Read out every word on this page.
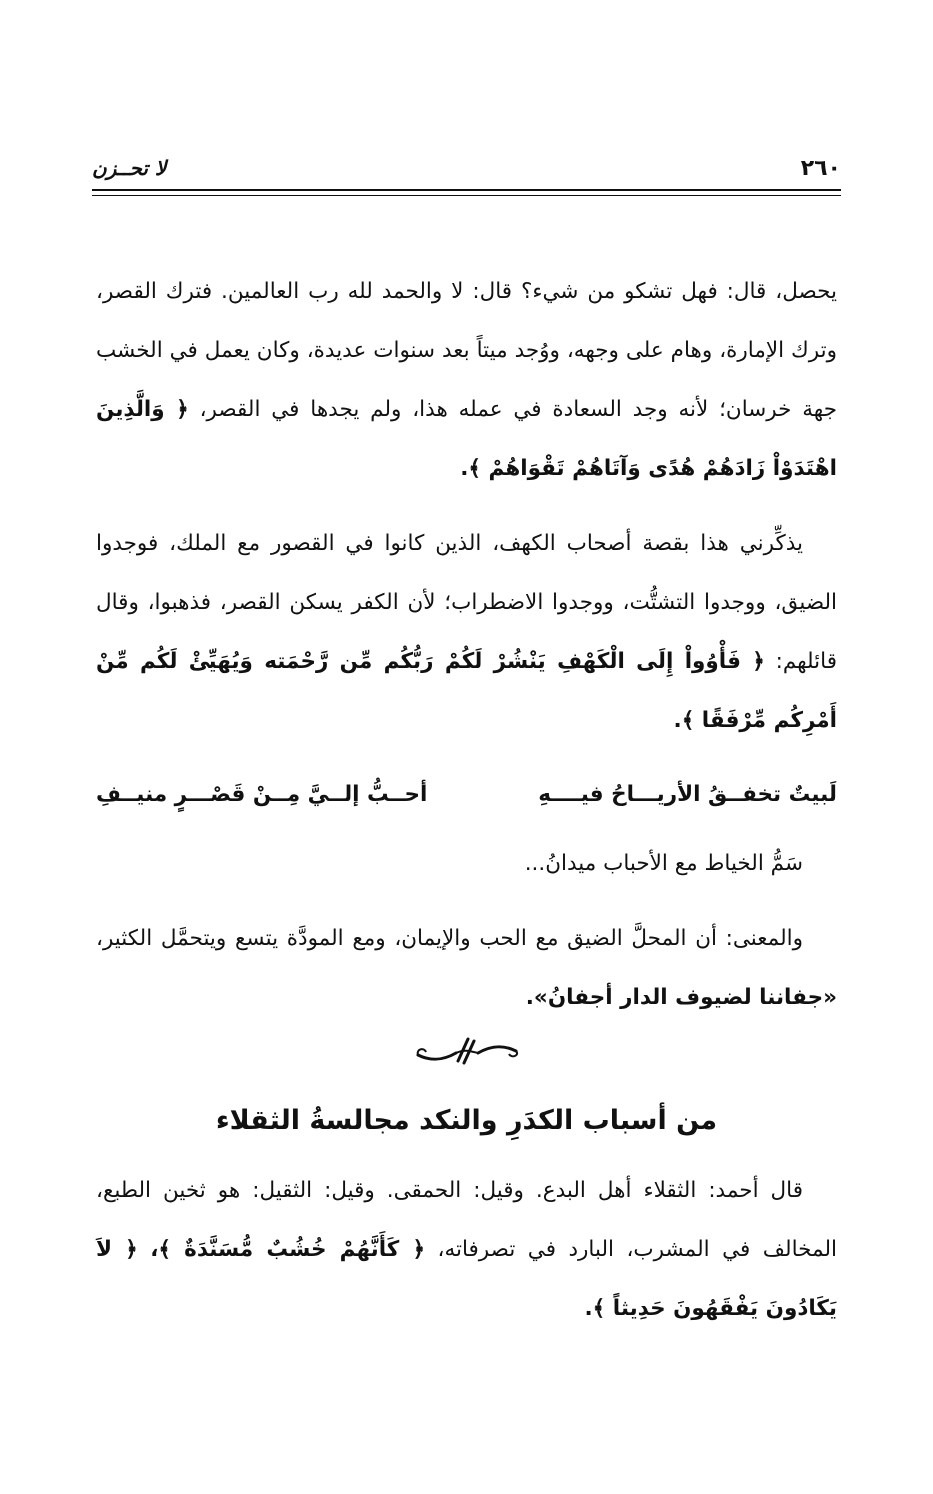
٢٦٠
لا تحــزن

يحصل، قال: فهل تشكو من شيء؟ قال: لا والحمد لله رب العالمين. فترك القصر، وترك الإمارة، وهام على وجهه، ووُجد ميتاً بعد سنوات عديدة، وكان يعمل في الخشب جهة خرسان؛ لأنه وجد السعادة في عمله هذا، ولم يجدها في القصر، ﴿ وَالَّذِينَ اهْتَدَوْاْ زَادَهُمْ هُدًى وَآتَاهُمْ تَقْوَاهُمْ ﴾.

يذكِّرني هذا بقصة أصحاب الكهف، الذين كانوا في القصور مع الملك، فوجدوا الضيق، ووجدوا التشتُّت، ووجدوا الاضطراب؛ لأن الكفر يسكن القصر، فذهبوا، وقال قائلهم: ﴿ فَأْوُواْ إِلَى الْكَهْفِ يَنْشُرْ لَكُمْ رَبُّكُم مِّن رَّحْمَته وَيُهَيِّئْ لَكُم مِّنْ أَمْرِكُم مِّرْفَقًا ﴾.

لَبيتٌ تخفــقُ الأريـــاحُ فيــــهِ
أحــبُّ إلــيَّ مِــنْ قَصْـــرٍ منيــفِ

سَمُّ الخياط مع الأحباب ميدانُ...

والمعنى: أن المحلَّ الضيق مع الحب والإيمان، ومع المودَّة يتسع ويتحمَّل الكثير، «جفاننا لضيوف الدار أجفانُ».

من أسباب الكدَرِ والنكد مجالسةُ الثقلاء

قال أحمد: الثقلاء أهل البدع. وقيل: الحمقى. وقيل: الثقيل: هو ثخين الطبع، المخالف في المشرب، البارد في تصرفاته، ﴿ كَأَنَّهُمْ خُشُبٌ مُّسَنَّدَةٌ ﴾، ﴿ لاَ يَكَادُونَ يَفْقَهُونَ حَدِيثاً ﴾.
